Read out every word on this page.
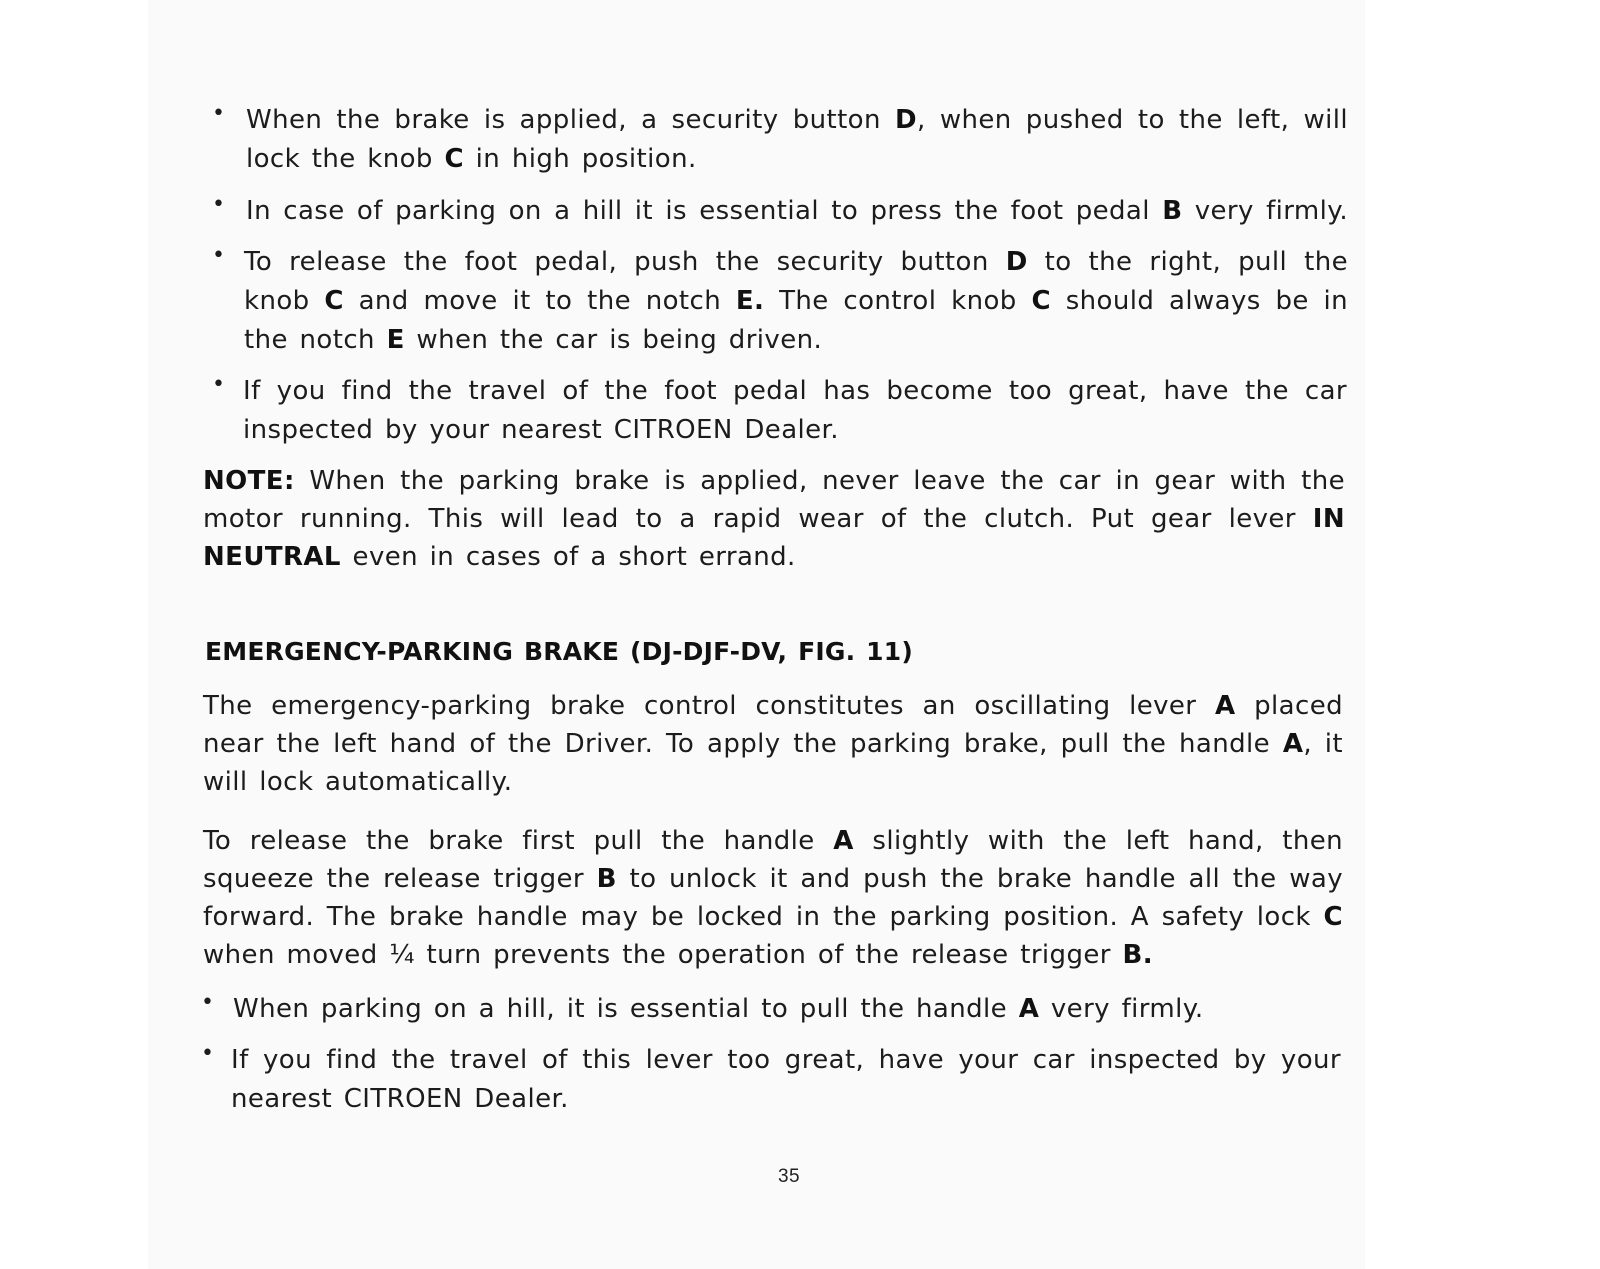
• When the brake is applied, a security button D, when pushed to the left, will lock the knob C in high position.
• In case of parking on a hill it is essential to press the foot pedal B very firmly.
• To release the foot pedal, push the security button D to the right, pull the knob C and move it to the notch E. The control knob C should always be in the notch E when the car is being driven.
• If you find the travel of the foot pedal has become too great, have the car inspected by your nearest CITROEN Dealer.
NOTE: When the parking brake is applied, never leave the car in gear with the motor running. This will lead to a rapid wear of the clutch. Put gear lever IN NEUTRAL even in cases of a short errand.
EMERGENCY-PARKING BRAKE (DJ-DJF-DV, FIG. 11)
The emergency-parking brake control constitutes an oscillating lever A placed near the left hand of the Driver. To apply the parking brake, pull the handle A, it will lock automatically.
To release the brake first pull the handle A slightly with the left hand, then squeeze the release trigger B to unlock it and push the brake handle all the way forward. The brake handle may be locked in the parking position. A safety lock C when moved ¼ turn prevents the operation of the release trigger B.
• When parking on a hill, it is essential to pull the handle A very firmly.
• If you find the travel of this lever too great, have your car inspected by your nearest CITROEN Dealer.
35
